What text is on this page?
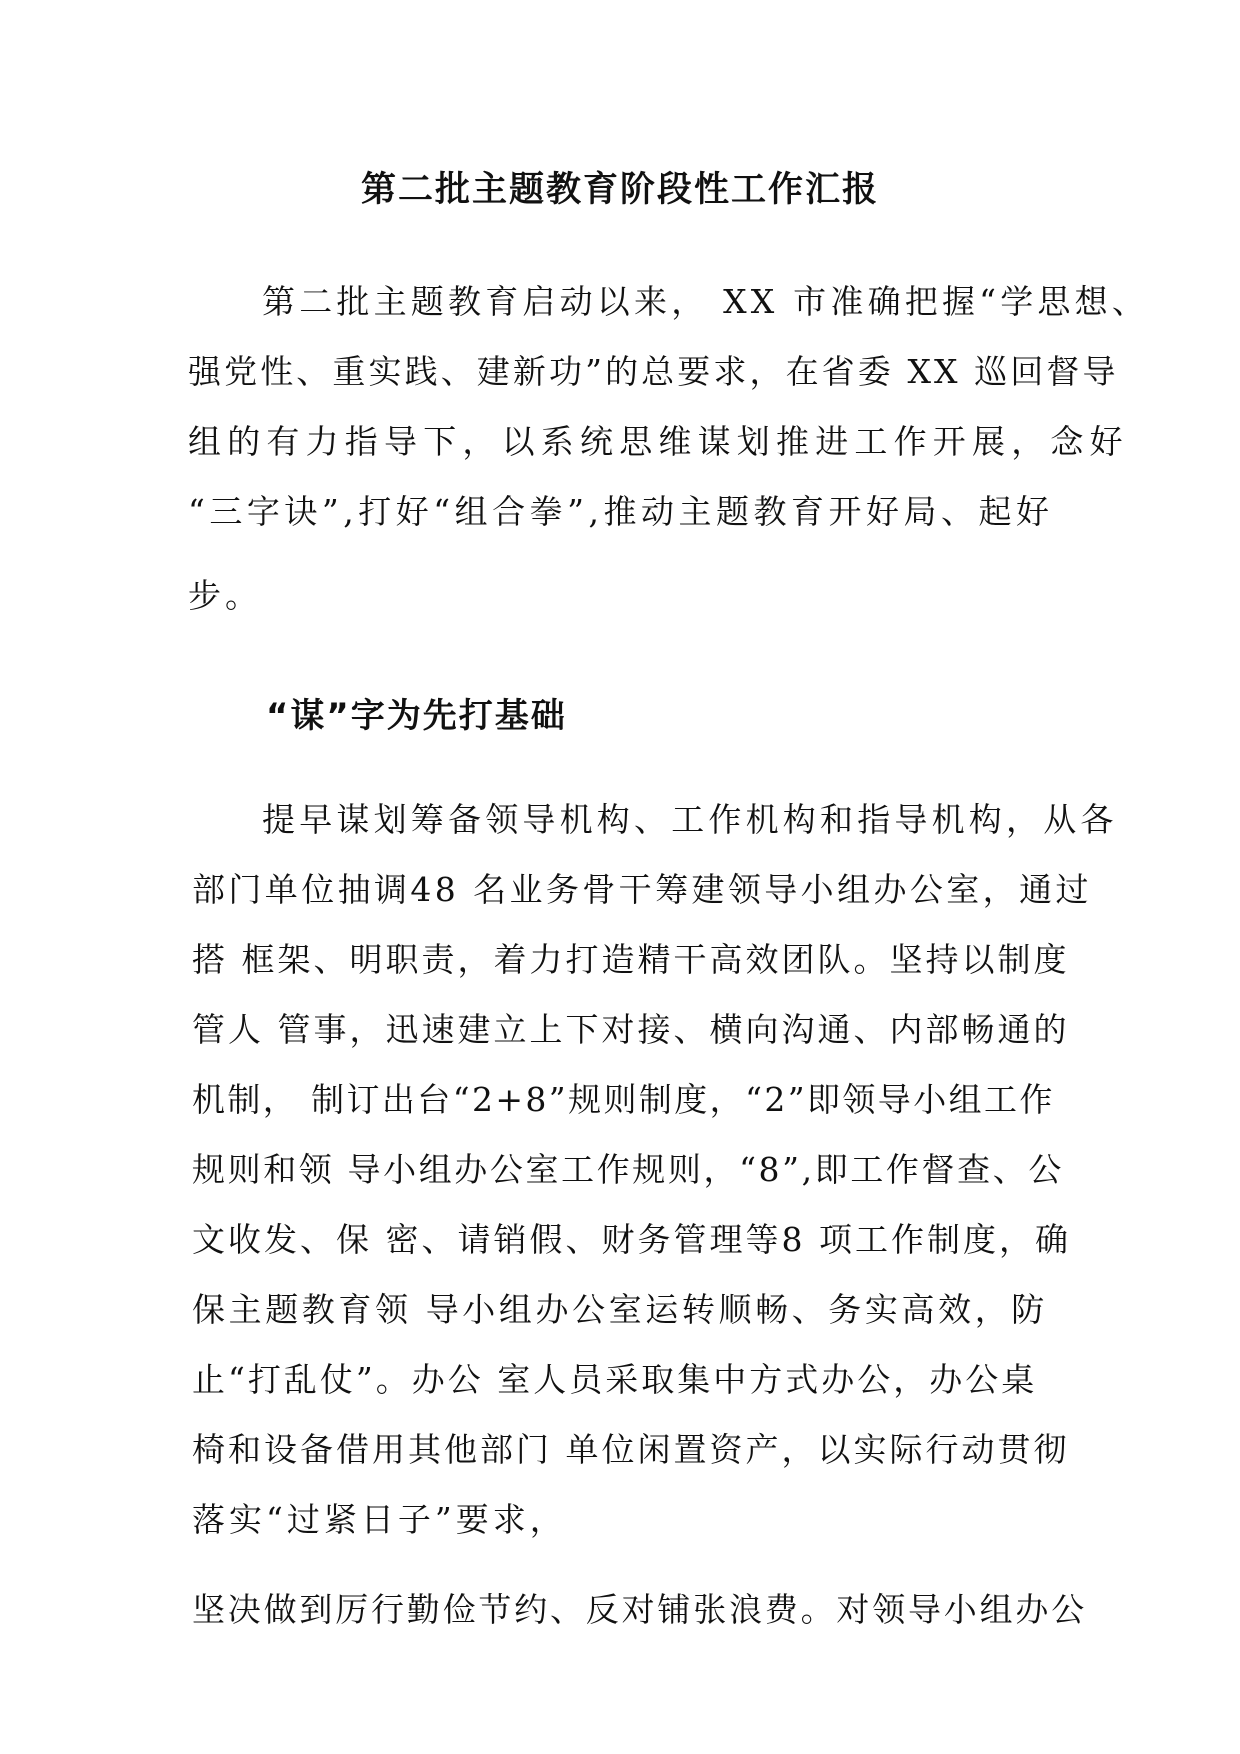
第二批主题教育阶段性工作汇报
第二批主题教育启动以来， XX 市准确把握“学思想、
强党性、重实践、建新功”的总要求，在省委 XX 巡回督导
组的有力指导下，以系统思维谋划推进工作开展，念好
“三字诀”,打好“组合拳”,推动主题教育开好局、起好
步。
“谋”字为先打基础
提早谋划筹备领导机构、工作机构和指导机构，从各
部门单位抽调48 名业务骨干筹建领导小组办公室，通过
搭 框架、明职责，着力打造精干高效团队。坚持以制度
管人 管事，迅速建立上下对接、横向沟通、内部畅通的
机制， 制订出台“2+8”规则制度，“2”即领导小组工作
规则和领 导小组办公室工作规则，“8”,即工作督查、公
文收发、保 密、请销假、财务管理等8 项工作制度，确
保主题教育领 导小组办公室运转顺畅、务实高效，防
止“打乱仗”。办公 室人员采取集中方式办公，办公桌
椅和设备借用其他部门 单位闲置资产，以实际行动贯彻
落实“过紧日子”要求，
坚决做到厉行勤俭节约、反对铺张浪费。对领导小组办公
